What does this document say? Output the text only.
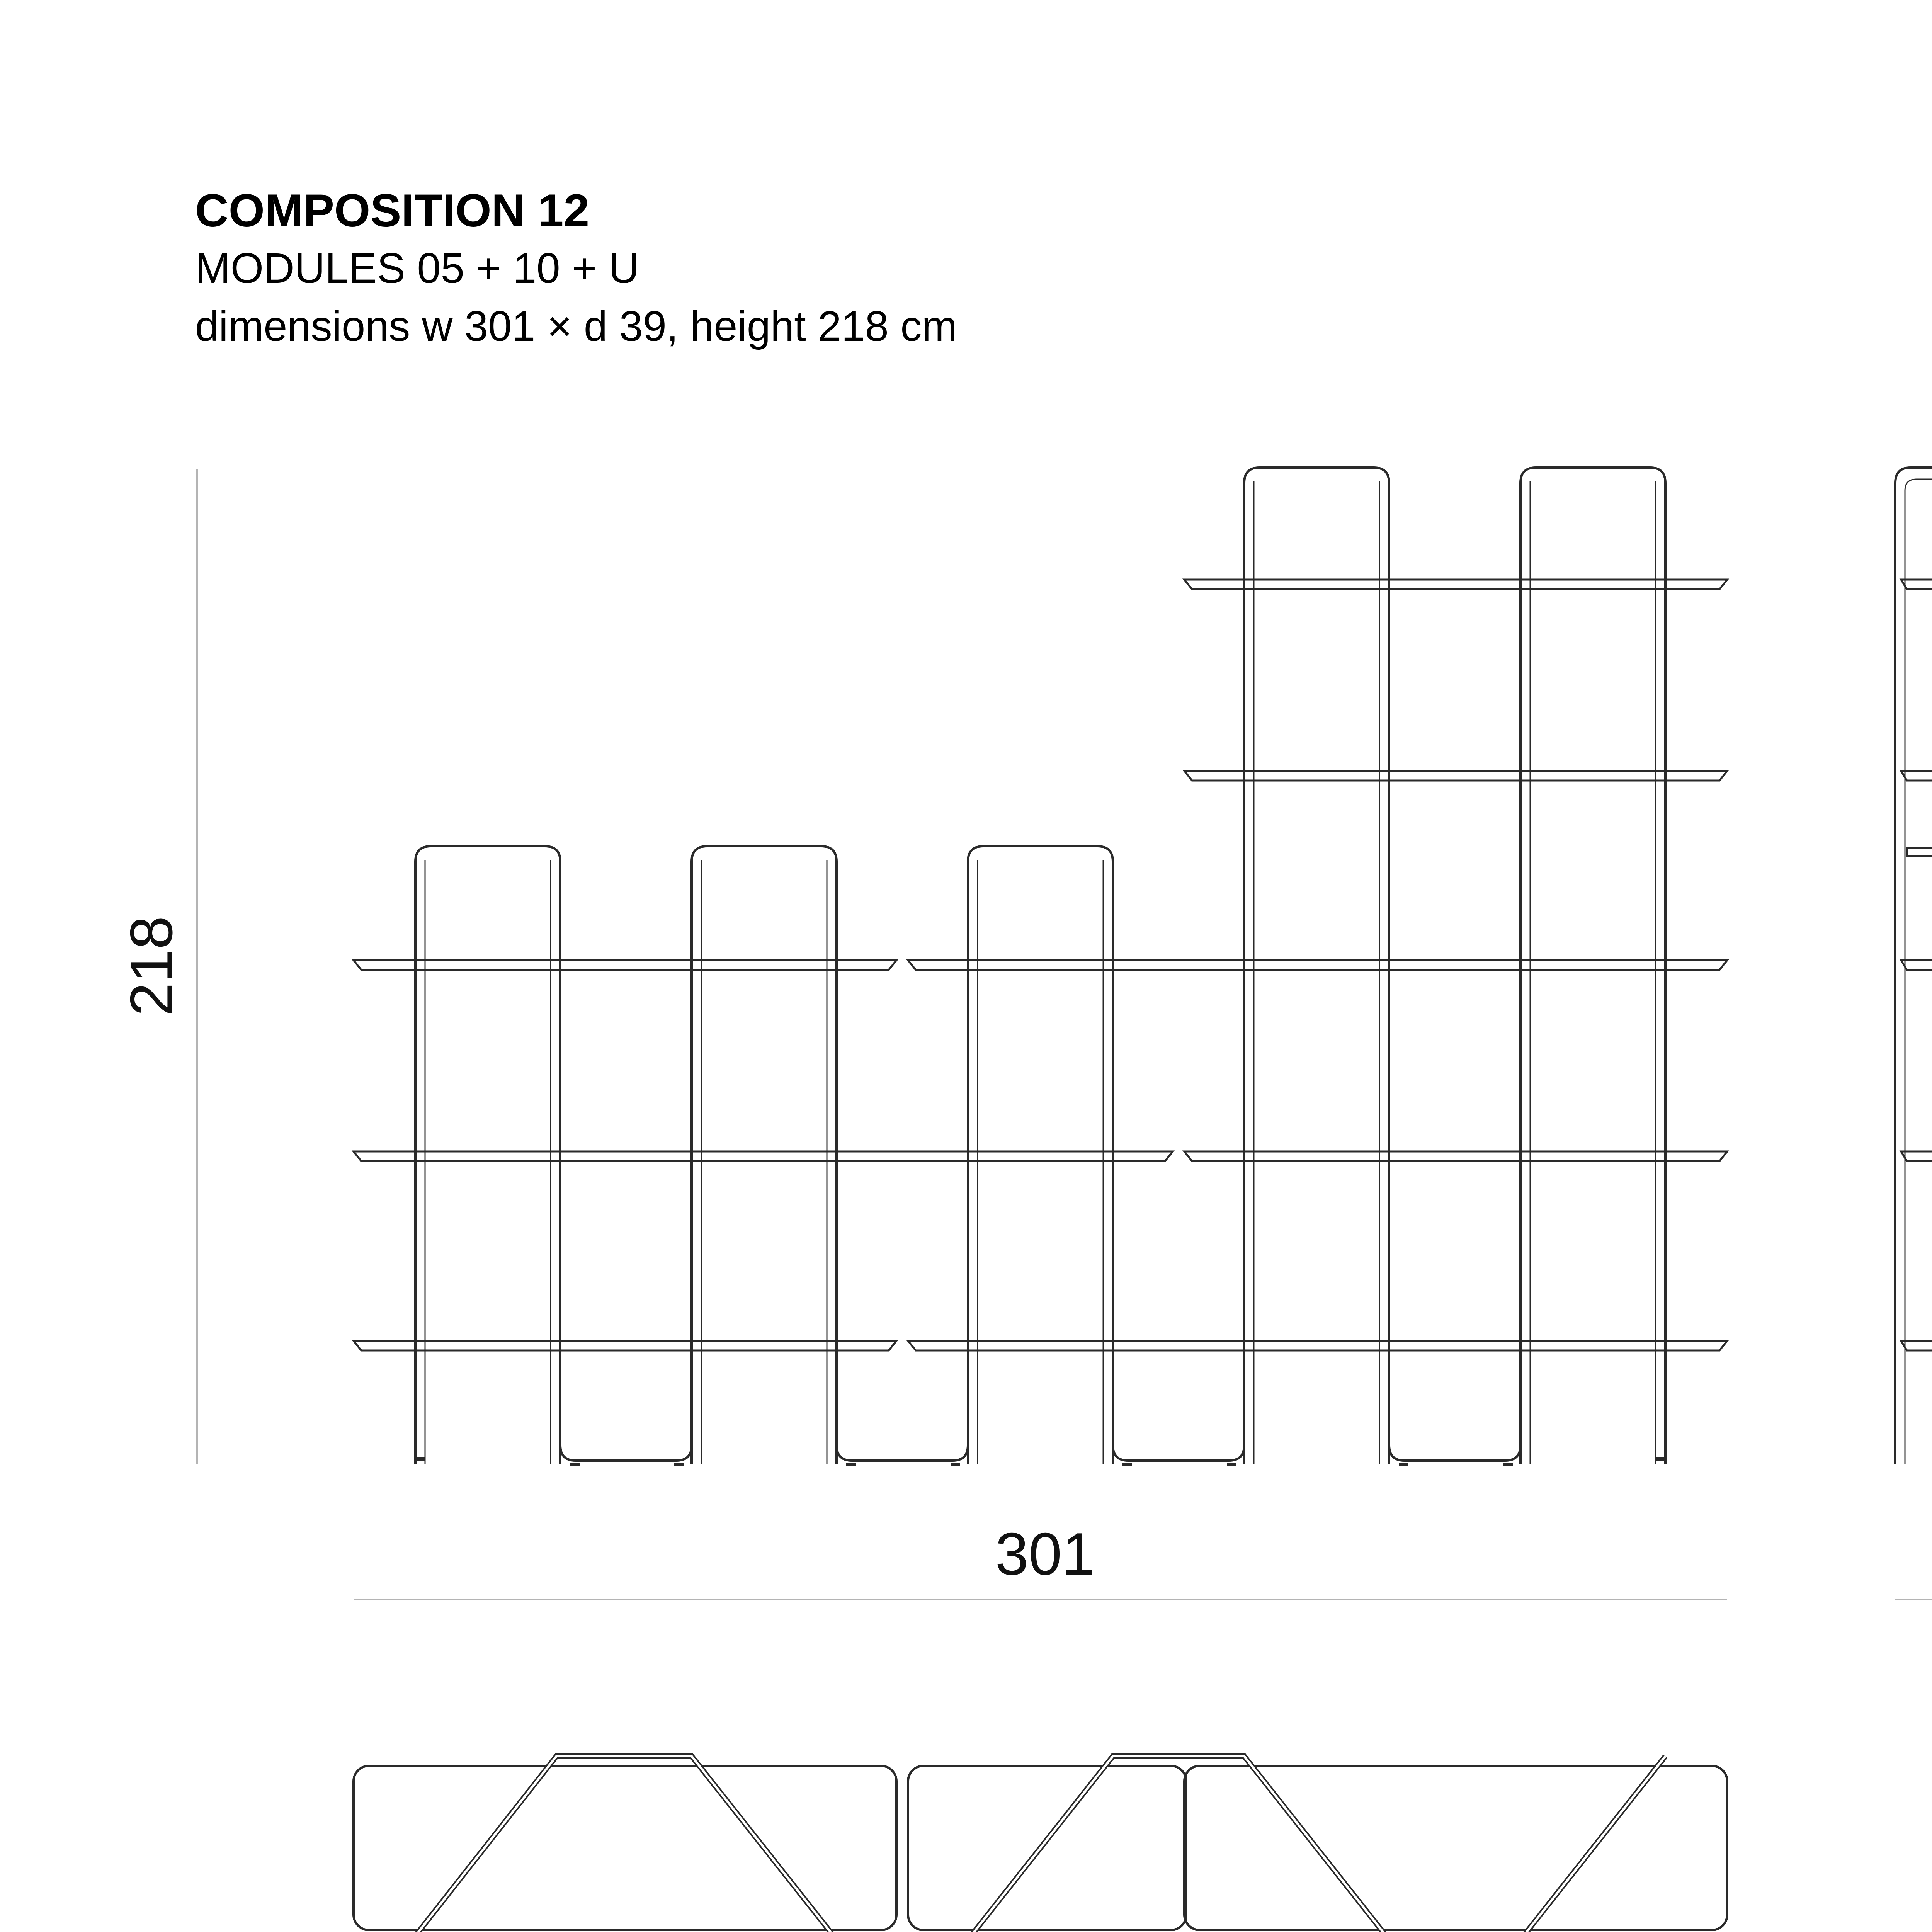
COMPOSITION 12
MODULES 05 + 10 + U
dimensions w 301 × d 39, height 218 cm
218
301
